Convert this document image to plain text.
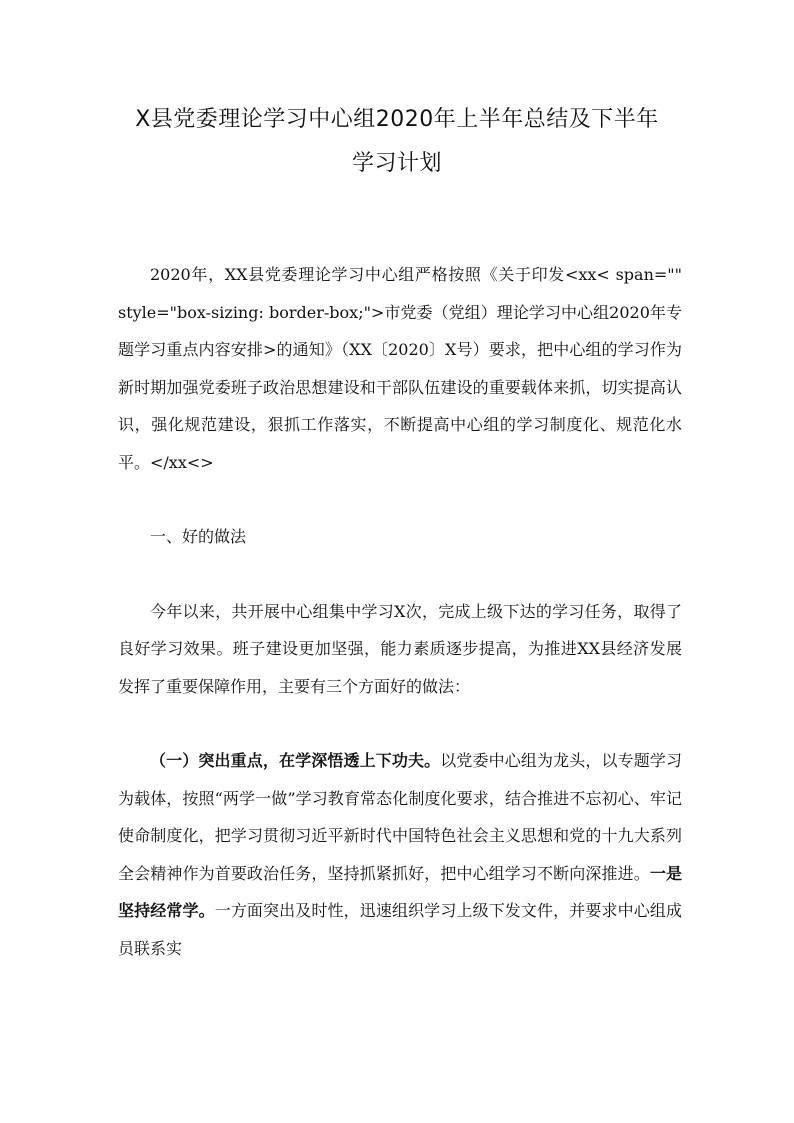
X县党委理论学习中心组2020年上半年总结及下半年
学习计划

2020年，XX县党委理论学习中心组严格按照《关于印发<xx< span="" style="box-sizing: border-box;">市党委（党组）理论学习中心组2020年专题学习重点内容安排>的通知》（XX〔2020〕X号）要求，把中心组的学习作为新时期加强党委班子政治思想建设和干部队伍建设的重要载体来抓，切实提高认识，强化规范建设，狠抓工作落实，不断提高中心组的学习制度化、规范化水平。</xx<>

一、好的做法

今年以来，共开展中心组集中学习X次，完成上级下达的学习任务，取得了良好学习效果。班子建设更加坚强，能力素质逐步提高，为推进XX县经济发展发挥了重要保障作用，主要有三个方面好的做法：

（一）突出重点，在学深悟透上下功夫。以党委中心组为龙头，以专题学习为载体，按照“两学一做”学习教育常态化制度化要求，结合推进不忘初心、牢记使命制度化，把学习贯彻习近平新时代中国特色社会主义思想和党的十九大系列全会精神作为首要政治任务，坚持抓紧抓好，把中心组学习不断向深推进。一是坚持经常学。一方面突出及时性，迅速组织学习上级下发文件，并要求中心组成员联系实
